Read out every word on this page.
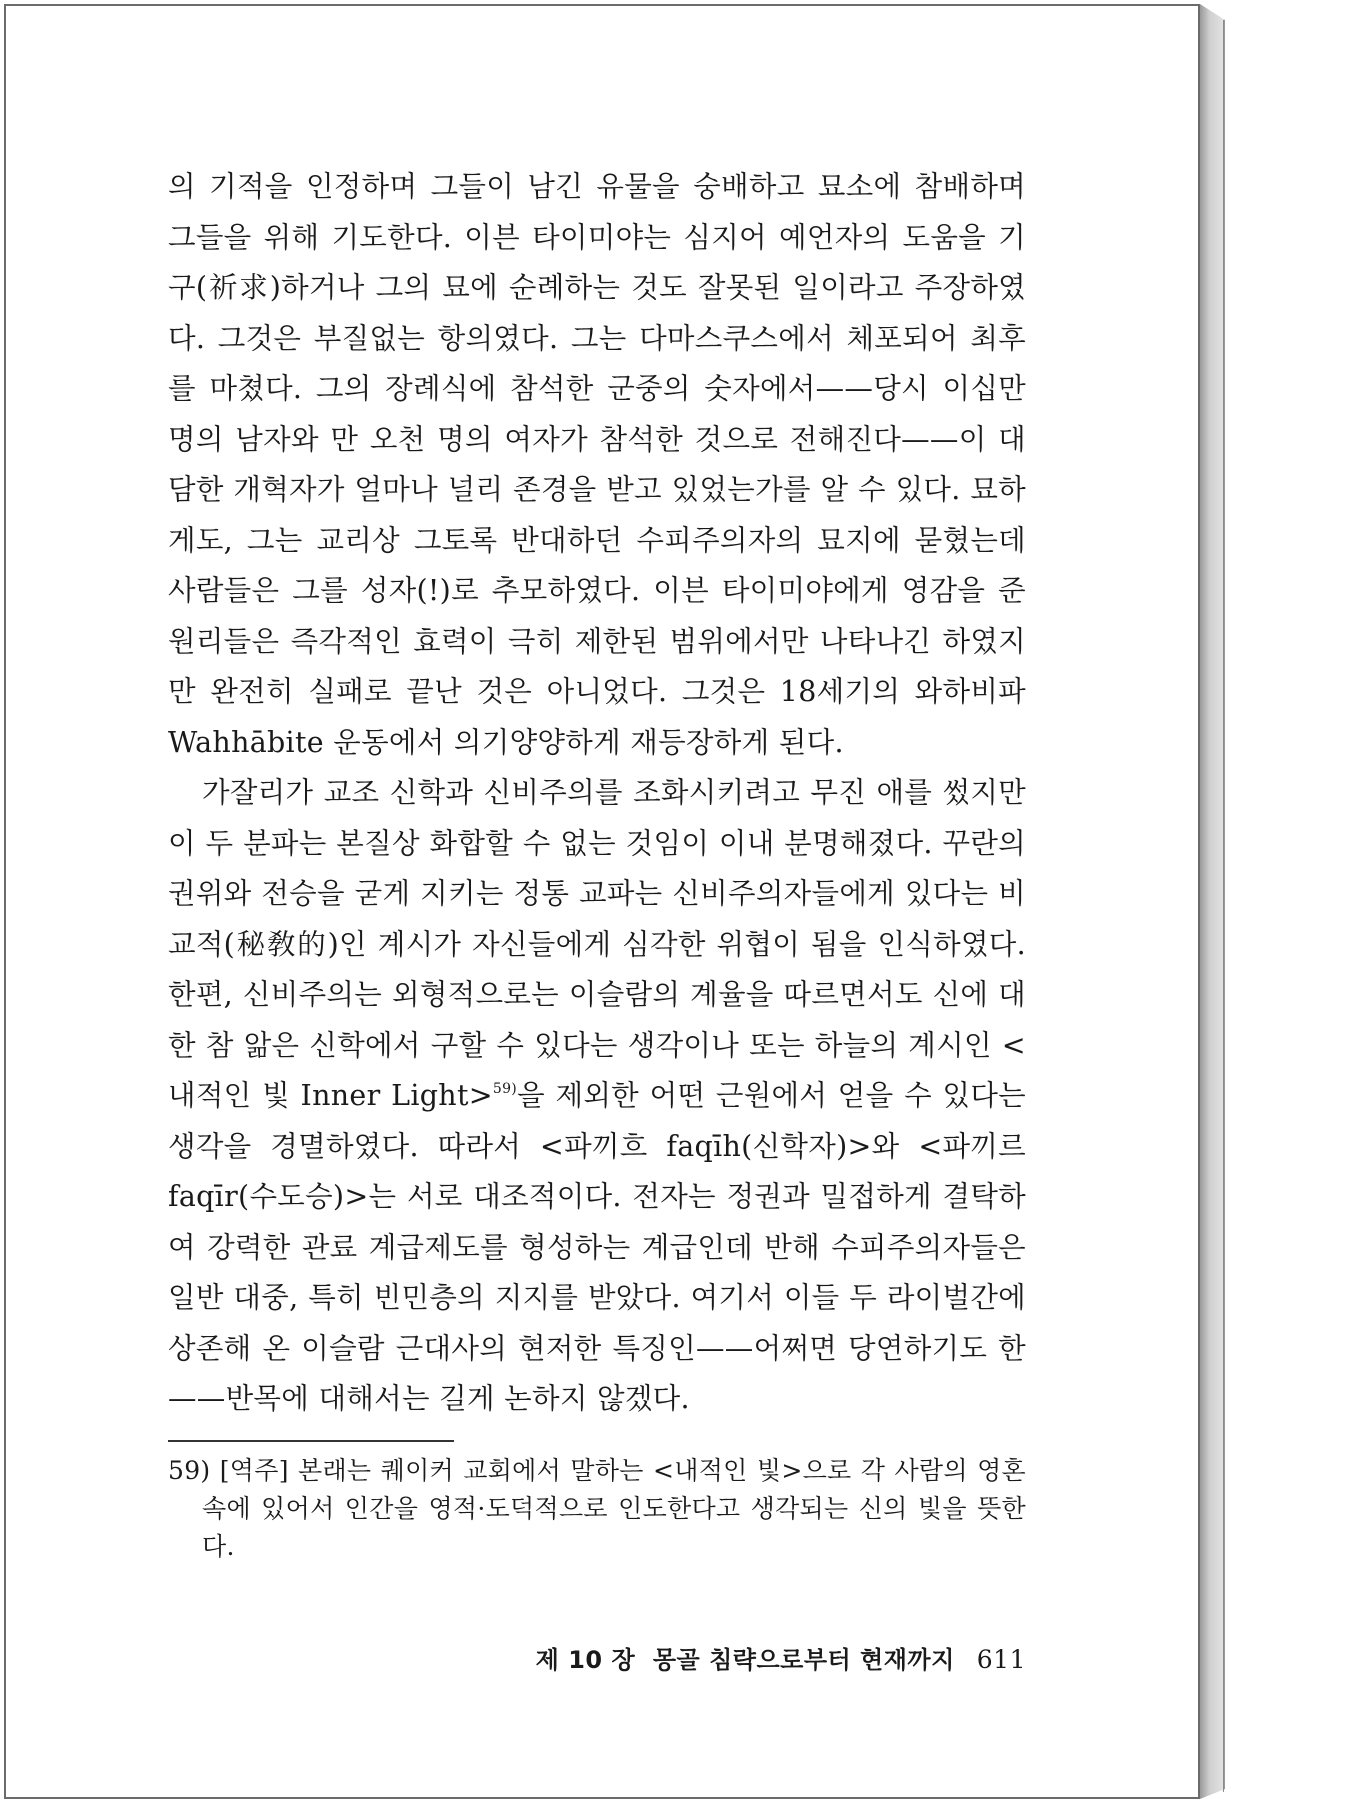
의 기적을 인정하며 그들이 남긴 유물을 숭배하고 묘소에 참배하며 그들을 위해 기도한다. 이븐 타이미야는 심지어 예언자의 도움을 기구(祈求)하거나 그의 묘에 순례하는 것도 잘못된 일이라고 주장하였다. 그것은 부질없는 항의였다. 그는 다마스쿠스에서 체포되어 최후를 마쳤다. 그의 장례식에 참석한 군중의 숫자에서——당시 이십만 명의 남자와 만 오천 명의 여자가 참석한 것으로 전해진다——이 대담한 개혁자가 얼마나 널리 존경을 받고 있었는가를 알 수 있다. 묘하게도, 그는 교리상 그토록 반대하던 수피주의자의 묘지에 묻혔는데 사람들은 그를 성자(!)로 추모하였다. 이븐 타이미야에게 영감을 준 원리들은 즉각적인 효력이 극히 제한된 범위에서만 나타나긴 하였지만 완전히 실패로 끝난 것은 아니었다. 그것은 18세기의 와하비파 Wahhābite 운동에서 의기양양하게 재등장하게 된다.

가잘리가 교조 신학과 신비주의를 조화시키려고 무진 애를 썼지만 이 두 분파는 본질상 화합할 수 없는 것임이 이내 분명해졌다. 꾸란의 권위와 전승을 굳게 지키는 정통 교파는 신비주의자들에게 있다는 비교적(秘敎的)인 계시가 자신들에게 심각한 위협이 됨을 인식하였다. 한편, 신비주의는 외형적으로는 이슬람의 계율을 따르면서도 신에 대한 참 앎은 신학에서 구할 수 있다는 생각이나 또는 하늘의 계시인 <내적인 빛 Inner Light>$^{59)}$을 제외한 어떤 근원에서 얻을 수 있다는 생각을 경멸하였다. 따라서 <파끼흐 faqīh(신학자)>와 <파끼르 faqīr(수도승)>는 서로 대조적이다. 전자는 정권과 밀접하게 결탁하여 강력한 관료 계급제도를 형성하는 계급인데 반해 수피주의자들은 일반 대중, 특히 빈민층의 지지를 받았다. 여기서 이들 두 라이벌간에 상존해 온 이슬람 근대사의 현저한 특징인——어쩌면 당연하기도 한——반목에 대해서는 길게 논하지 않겠다.

59) [역주] 본래는 퀘이커 교회에서 말하는 <내적인 빛>으로 각 사람의 영혼속에 있어서 인간을 영적·도덕적으로 인도한다고 생각되는 신의 빛을 뜻한다.
제 10 장  몽골 침략으로부터 현재까지 611
